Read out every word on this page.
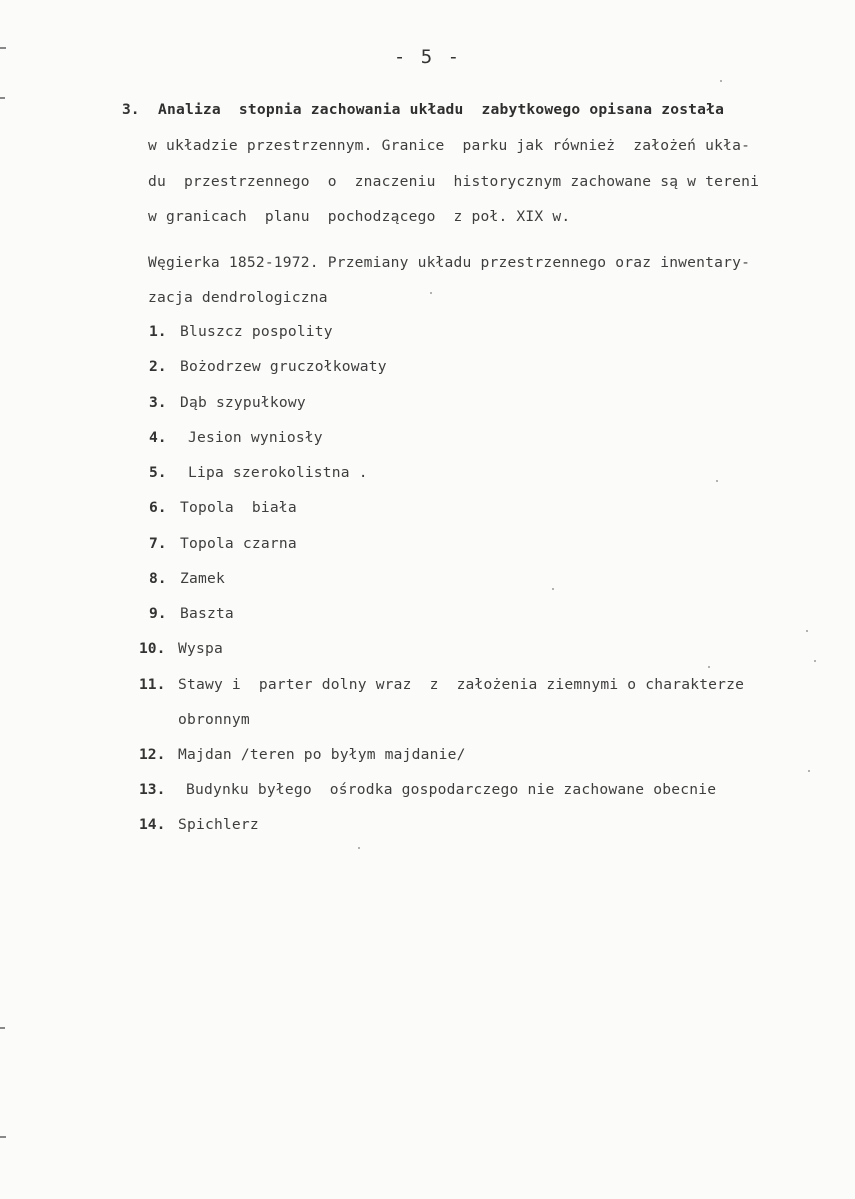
- 5 -
3. Analiza  stopnia zachowania układu  zabytkowego opisana została
w układzie przestrzennym. Granice  parku jak również  założeń ukła-
du  przestrzennego  o  znaczeniu  historycznym zachowane są w tereni
w granicach  planu  pochodzącego  z poł. XIX w.
Węgierka 1852-1972. Przemiany układu przestrzennego oraz inwentary-
zacja dendrologiczna
1. Bluszcz pospolity
2. Bożodrzew gruczołkowaty
3. Dąb szypułkowy
4. Jesion wyniosły
5. Lipa szerokolistna .
6. Topola  biała
7. Topola czarna
8. Zamek
9. Baszta
10. Wyspa
11. Stawy i  parter dolny wraz  z  założenia ziemnymi o charakterze
obronnym
12. Majdan /teren po byłym majdanie/
13. Budynku byłego  ośrodka gospodarczego nie zachowane obecnie
14. Spichlerz
